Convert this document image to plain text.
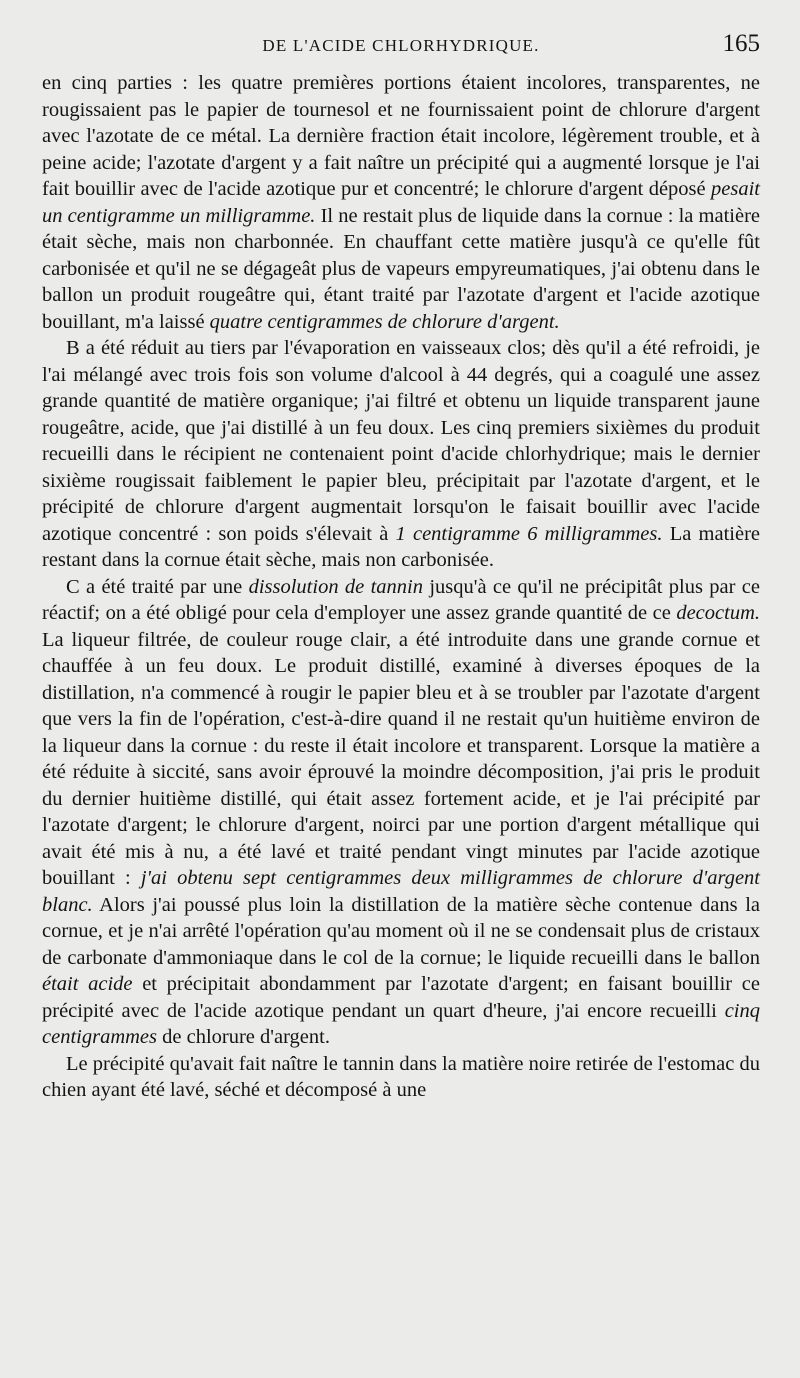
DE L'ACIDE CHLORHYDRIQUE.	165

en cinq parties : les quatre premières portions étaient incolores, transparentes, ne rougissaient pas le papier de tournesol et ne fournissaient point de chlorure d'argent avec l'azotate de ce métal. La dernière fraction était incolore, légèrement trouble, et à peine acide; l'azotate d'argent y a fait naître un précipité qui a augmenté lorsque je l'ai fait bouillir avec de l'acide azotique pur et concentré; le chlorure d'argent déposé pesait un centigramme un milligramme. Il ne restait plus de liquide dans la cornue : la matière était sèche, mais non charbonnée. En chauffant cette matière jusqu'à ce qu'elle fût carbonisée et qu'il ne se dégageât plus de vapeurs empyreumatiques, j'ai obtenu dans le ballon un produit rougeâtre qui, étant traité par l'azotate d'argent et l'acide azotique bouillant, m'a laissé quatre centigrammes de chlorure d'argent.

B a été réduit au tiers par l'évaporation en vaisseaux clos; dès qu'il a été refroidi, je l'ai mélangé avec trois fois son volume d'alcool à 44 degrés, qui a coagulé une assez grande quantité de matière organique; j'ai filtré et obtenu un liquide transparent jaune rougeâtre, acide, que j'ai distillé à un feu doux. Les cinq premiers sixièmes du produit recueilli dans le récipient ne contenaient point d'acide chlorhydrique; mais le dernier sixième rougissait faiblement le papier bleu, précipitait par l'azotate d'argent, et le précipité de chlorure d'argent augmentait lorsqu'on le faisait bouillir avec l'acide azotique concentré : son poids s'élevait à 1 centigramme 6 milligrammes. La matière restant dans la cornue était sèche, mais non carbonisée.

C a été traité par une dissolution de tannin jusqu'à ce qu'il ne précipitât plus par ce réactif; on a été obligé pour cela d'employer une assez grande quantité de ce decoctum. La liqueur filtrée, de couleur rouge clair, a été introduite dans une grande cornue et chauffée à un feu doux. Le produit distillé, examiné à diverses époques de la distillation, n'a commencé à rougir le papier bleu et à se troubler par l'azotate d'argent que vers la fin de l'opération, c'est-à-dire quand il ne restait qu'un huitième environ de la liqueur dans la cornue : du reste il était incolore et transparent. Lorsque la matière a été réduite à siccité, sans avoir éprouvé la moindre décomposition, j'ai pris le produit du dernier huitième distillé, qui était assez fortement acide, et je l'ai précipité par l'azotate d'argent; le chlorure d'argent, noirci par une portion d'argent métallique qui avait été mis à nu, a été lavé et traité pendant vingt minutes par l'acide azotique bouillant : j'ai obtenu sept centigrammes deux milligrammes de chlorure d'argent blanc. Alors j'ai poussé plus loin la distillation de la matière sèche contenue dans la cornue, et je n'ai arrêté l'opération qu'au moment où il ne se condensait plus de cristaux de carbonate d'ammoniaque dans le col de la cornue; le liquide recueilli dans le ballon était acide et précipitait abondamment par l'azotate d'argent; en faisant bouillir ce précipité avec de l'acide azotique pendant un quart d'heure, j'ai encore recueilli cinq centigrammes de chlorure d'argent.

Le précipité qu'avait fait naître le tannin dans la matière noire retirée de l'estomac du chien ayant été lavé, séché et décomposé à une
